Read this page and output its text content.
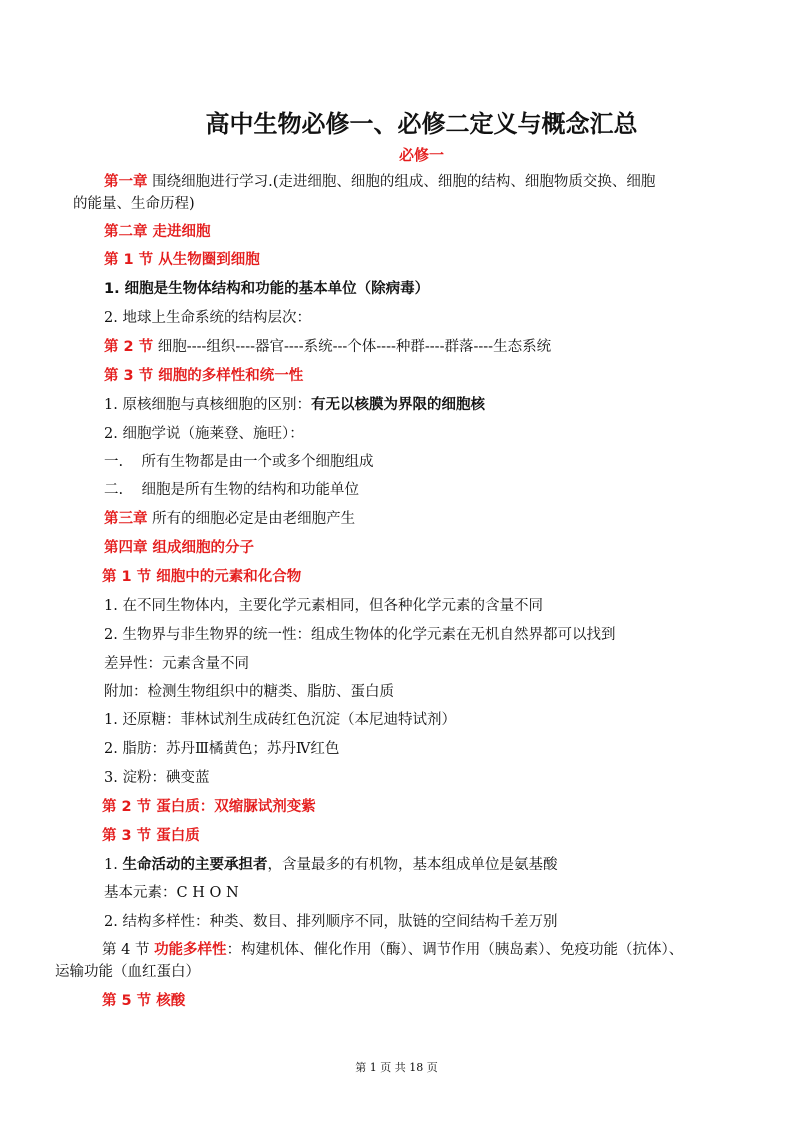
高中生物必修一、必修二定义与概念汇总
必修一
第一章 围绕细胞进行学习.(走进细胞、细胞的组成、细胞的结构、细胞物质交换、细胞
的能量、生命历程)
第二章 走进细胞
第 1 节 从生物圈到细胞
1. 细胞是生物体结构和功能的基本单位（除病毒）
2. 地球上生命系统的结构层次：
第 2 节 细胞----组织----器官----系统---个体----种群----群落----生态系统
第 3 节 细胞的多样性和统一性
1. 原核细胞与真核细胞的区别：有无以核膜为界限的细胞核
2. 细胞学说（施莱登、施旺）：
一.    所有生物都是由一个或多个细胞组成
二.    细胞是所有生物的结构和功能单位
第三章 所有的细胞必定是由老细胞产生
第四章 组成细胞的分子
第 1 节 细胞中的元素和化合物
1. 在不同生物体内，主要化学元素相同，但各种化学元素的含量不同
2. 生物界与非生物界的统一性：组成生物体的化学元素在无机自然界都可以找到
差异性：元素含量不同
附加：检测生物组织中的糖类、脂肪、蛋白质
1. 还原糖：菲林试剂生成砖红色沉淀（本尼迪特试剂）
2. 脂肪：苏丹Ⅲ橘黄色；苏丹Ⅳ红色
3. 淀粉：碘变蓝
第 2 节 蛋白质：双缩脲试剂变紫
第 3 节 蛋白质
1. 生命活动的主要承担者，含量最多的有机物，基本组成单位是氨基酸
基本元素：C H O N
2. 结构多样性：种类、数目、排列顺序不同，肽链的空间结构千差万别
第 4 节 功能多样性：构建机体、催化作用（酶）、调节作用（胰岛素）、免疫功能（抗体）、
运输功能（血红蛋白）
第 5 节 核酸
第 1 页 共 18 页
